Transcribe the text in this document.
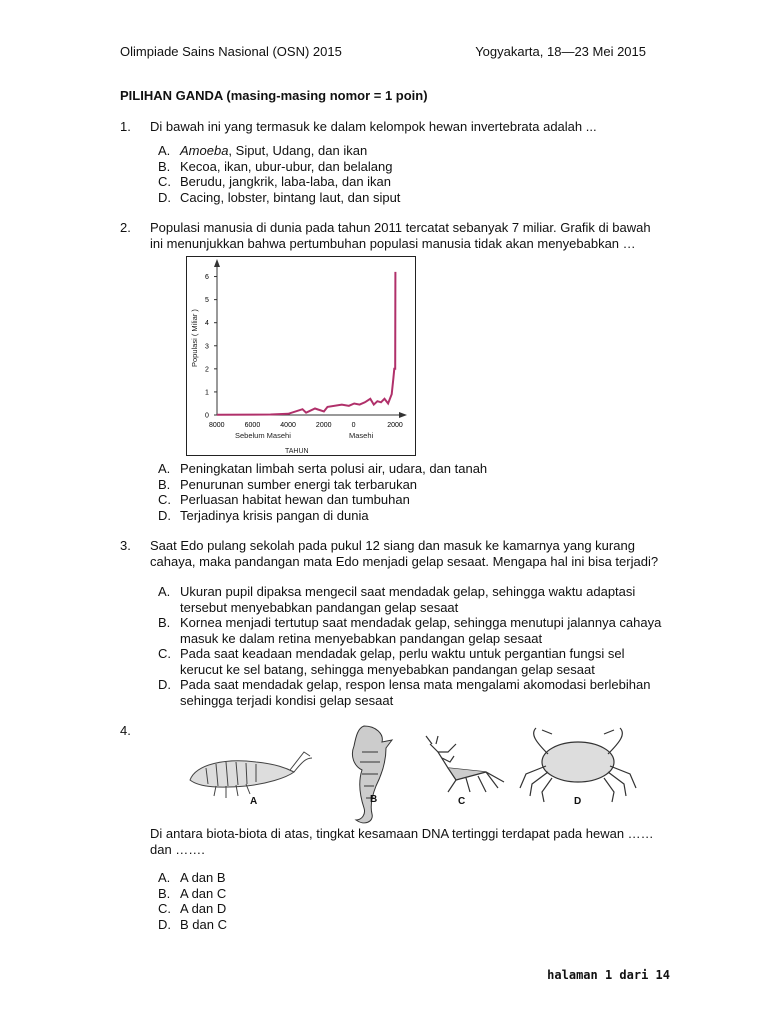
Olimpiade Sains Nasional (OSN) 2015	Yogyakarta, 18—23 Mei 2015
PILIHAN GANDA (masing-masing nomor = 1 poin)
1. Di bawah ini yang termasuk ke dalam kelompok hewan invertebrata adalah ...
A. Amoeba, Siput, Udang, dan ikan
B. Kecoa, ikan, ubur-ubur, dan belalang
C. Berudu, jangkrik, laba-laba, dan ikan
D. Cacing, lobster, bintang laut, dan siput
2. Populasi manusia di dunia pada tahun 2011 tercatat sebanyak 7 miliar. Grafik di bawah
ini menunjukkan bahwa pertumbuhan populasi manusia tidak akan menyebabkan …
0
1
2
3
4
5
6
8000	6000	4000	2000	0	2000
Populasi ( Miliar )
Sebelum Masehi	Masehi
TAHUN
A. Peningkatan limbah serta polusi air, udara, dan tanah
B. Penurunan sumber energi tak terbarukan
C. Perluasan habitat hewan dan tumbuhan
D. Terjadinya krisis pangan di dunia
3. Saat Edo pulang sekolah pada pukul 12 siang dan masuk ke kamarnya yang kurang
cahaya, maka pandangan mata Edo menjadi gelap sesaat. Mengapa hal ini bisa terjadi?
A. Ukuran pupil dipaksa mengecil saat mendadak gelap, sehingga waktu adaptasi
tersebut menyebabkan pandangan gelap sesaat
B. Kornea menjadi tertutup saat mendadak gelap, sehingga menutupi jalannya cahaya
masuk ke dalam retina menyebabkan pandangan gelap sesaat
C. Pada saat keadaan mendadak gelap, perlu waktu untuk pergantian fungsi sel
kerucut ke sel batang, sehingga menyebabkan pandangan gelap sesaat
D. Pada saat mendadak gelap, respon lensa mata mengalami akomodasi berlebihan
sehingga terjadi kondisi gelap sesaat
4.
A	B	C	D
Di antara biota-biota di atas, tingkat kesamaan DNA tertinggi terdapat pada hewan ……
dan …….
A. A dan B
B. A dan C
C. A dan D
D. B dan C
halaman 1 dari 14
